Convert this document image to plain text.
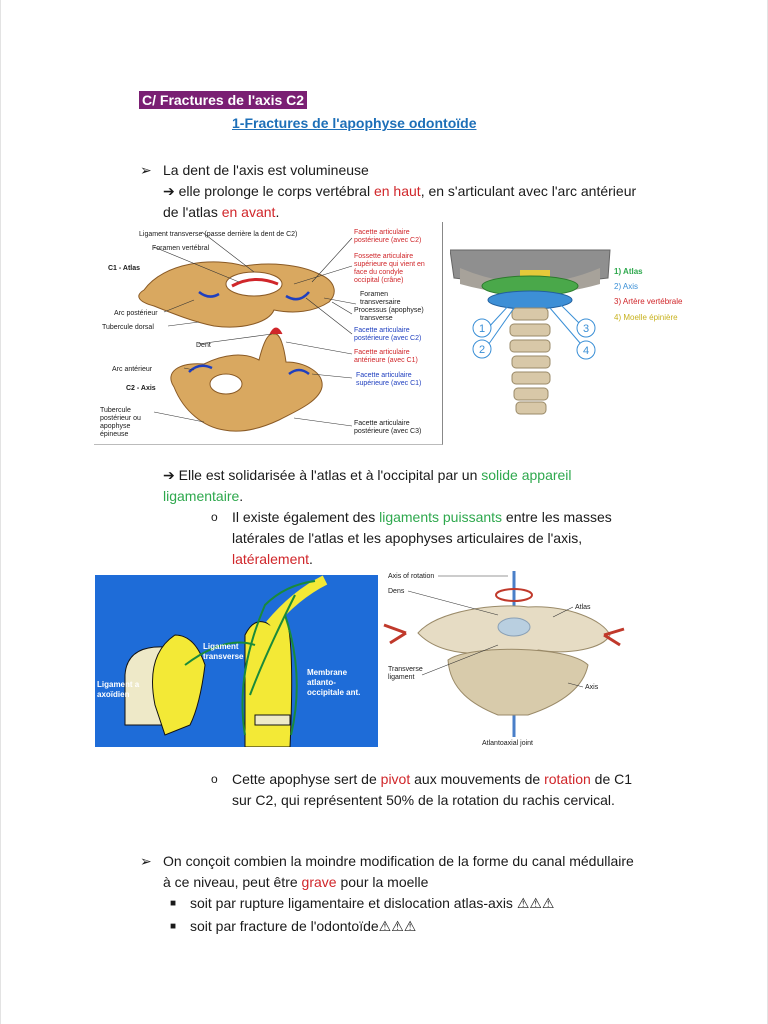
C/ Fractures de l'axis C2
1-Fractures de l'apophyse odontoïde
➢ La dent de l'axis est volumineuse
➔ elle prolonge le corps vertébral en haut, en s'articulant avec l'arc antérieur
de l'atlas en avant.
Ligament transverse (passe derrière la dent de C2)
Foramen vertébral
C1 - Atlas
Arc postérieur
Tubercule dorsal
Dent
Arc antérieur
C2 - Axis
Tubercule
postérieur ou
apophyse
épineuse
Facette articulaire
postérieure (avec C2)
Fossette articulaire
supérieure qui vient en
face du condyle
occipital (crâne)
Foramen
transversaire
Processus (apophyse)
transverse
Facette articulaire
postérieure (avec C2)
Facette articulaire
antérieure (avec C1)
Facette articulaire
supérieure (avec C1)
Facette articulaire
postérieure (avec C3)
1
2
3
4
1) Atlas
2) Axis
3) Artère vertébrale
4) Moelle épinière
➔ Elle est solidarisée à l'atlas et à l'occipital par un solide appareil
ligamentaire.
o Il existe également des ligaments puissants entre les masses
latérales de l'atlas et les apophyses articulaires de l'axis,
latéralement.
Ligament
transverse
Membrane
atlanto-
occipitale ant.
Ligament a
axoïdien
Axis of rotation
Dens
Atlas
Transverse
ligament
Axis
Atlantoaxial joint
o Cette apophyse sert de pivot aux mouvements de rotation de C1
sur C2, qui représentent 50% de la rotation du rachis cervical.
➢ On conçoit combien la moindre modification de la forme du canal médullaire
à ce niveau, peut être grave pour la moelle
■ soit par rupture ligamentaire et dislocation atlas-axis ⚠⚠⚠
■ soit par fracture de l'odontoïde⚠⚠⚠
